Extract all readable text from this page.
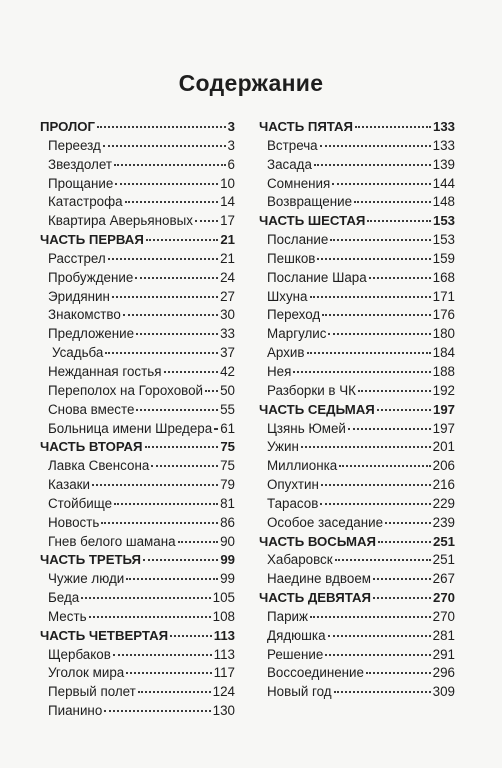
Содержание
ПРОЛОГ	3
Переезд	3
Звездолет	6
Прощание	10
Катастрофа	14
Квартира Аверьяновых 17
ЧАСТЬ ПЕРВАЯ	21
Расстрел	21
Пробуждение	24
Эридянин	27
Знакомство	30
Предложение	33
Усадьба	37
Нежданная гостья	42
Переполох на Гороховой 50
Снова вместе	55
Больница имени Шредера 61
ЧАСТЬ ВТОРАЯ	75
Лавка Свенсона	75
Казаки	79
Стойбище	81
Новость	86
Гнев белого шамана	90
ЧАСТЬ ТРЕТЬЯ	99
Чужие люди	99
Беда	105
Месть	108
ЧАСТЬ ЧЕТВЕРТАЯ	113
Щербаков	113
Уголок мира	117
Первый полет	124
Пианино	130
ЧАСТЬ ПЯТАЯ	133
Встреча	133
Засада	139
Сомнения	144
Возвращение	148
ЧАСТЬ ШЕСТАЯ	153
Послание	153
Пешков	159
Послание Шара	168
Шхуна	171
Переход	176
Маргулис	180
Архив	184
Нея	188
Разборки в ЧК	192
ЧАСТЬ СЕДЬМАЯ	197
Цзянь Юмей	197
Ужин	201
Миллионка	206
Опухтин	216
Тарасов	229
Особое заседание	239
ЧАСТЬ ВОСЬМАЯ	251
Хабаровск	251
Наедине вдвоем	267
ЧАСТЬ ДЕВЯТАЯ	270
Париж	270
Дядюшка	281
Решение	291
Воссоединение	296
Новый год	309
